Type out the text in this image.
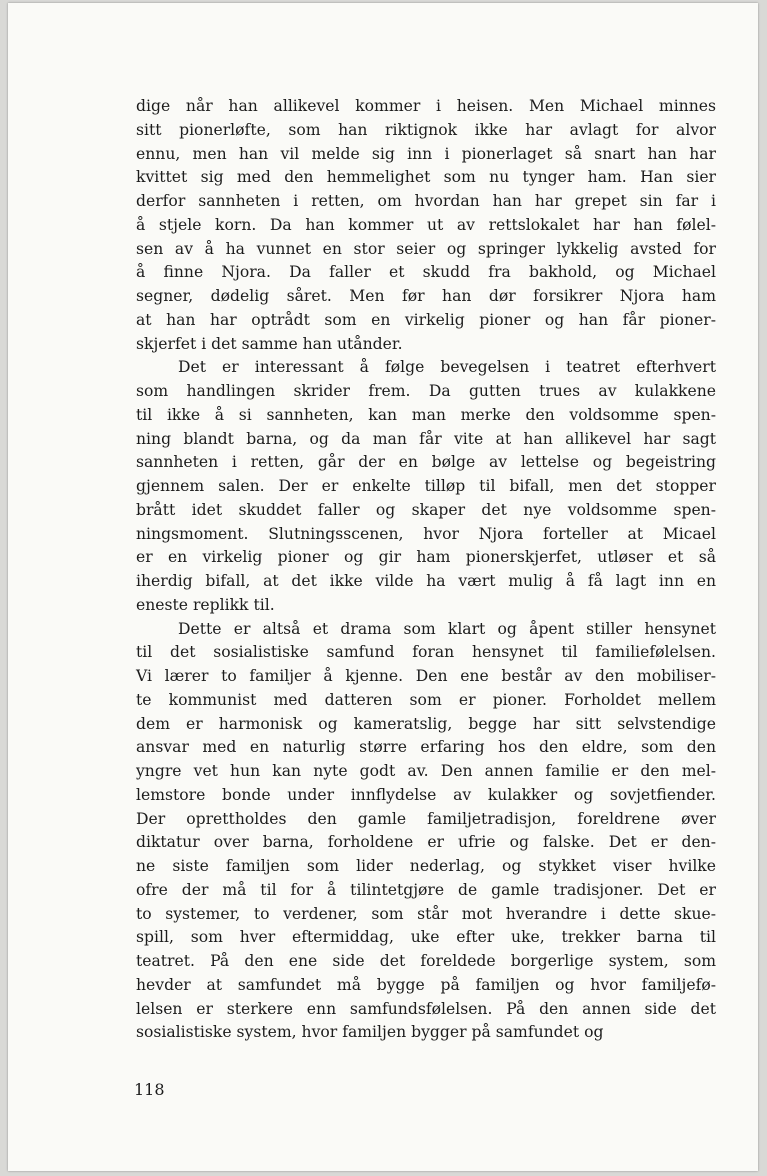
dige når han allikevel kommer i heisen. Men Michael minnes
sitt pionerløfte, som han riktignok ikke har avlagt for alvor
ennu, men han vil melde sig inn i pionerlaget så snart han har
kvittet sig med den hemmelighet som nu tynger ham. Han sier
derfor sannheten i retten, om hvordan han har grepet sin far i
å stjele korn. Da han kommer ut av rettslokalet har han følel-
sen av å ha vunnet en stor seier og springer lykkelig avsted for
å finne Njora. Da faller et skudd fra bakhold, og Michael
segner, dødelig såret. Men før han dør forsikrer Njora ham
at han har optrådt som en virkelig pioner og han får pioner-
skjerfet i det samme han utånder.
Det er interessant å følge bevegelsen i teatret efterhvert
som handlingen skrider frem. Da gutten trues av kulakkene
til ikke å si sannheten, kan man merke den voldsomme spen-
ning blandt barna, og da man får vite at han allikevel har sagt
sannheten i retten, går der en bølge av lettelse og begeistring
gjennem salen. Der er enkelte tilløp til bifall, men det stopper
brått idet skuddet faller og skaper det nye voldsomme spen-
ningsmoment. Slutningsscenen, hvor Njora forteller at Micael
er en virkelig pioner og gir ham pionerskjerfet, utløser et så
iherdig bifall, at det ikke vilde ha vært mulig å få lagt inn en
eneste replikk til.
Dette er altså et drama som klart og åpent stiller hensynet
til det sosialistiske samfund foran hensynet til familiefølelsen.
Vi lærer to familjer å kjenne. Den ene består av den mobiliser-
te kommunist med datteren som er pioner. Forholdet mellem
dem er harmonisk og kameratslig, begge har sitt selvstendige
ansvar med en naturlig større erfaring hos den eldre, som den
yngre vet hun kan nyte godt av. Den annen familie er den mel-
lemstore bonde under innflydelse av kulakker og sovjetfiender.
Der oprettholdes den gamle familjetradisjon, foreldrene øver
diktatur over barna, forholdene er ufrie og falske. Det er den-
ne siste familjen som lider nederlag, og stykket viser hvilke
ofre der må til for å tilintetgjøre de gamle tradisjoner. Det er
to systemer, to verdener, som står mot hverandre i dette skue-
spill, som hver eftermiddag, uke efter uke, trekker barna til
teatret. På den ene side det foreldede borgerlige system, som
hevder at samfundet må bygge på familjen og hvor familjefø-
lelsen er sterkere enn samfundsfølelsen. På den annen side det
sosialistiske system, hvor familjen bygger på samfundet og
118
